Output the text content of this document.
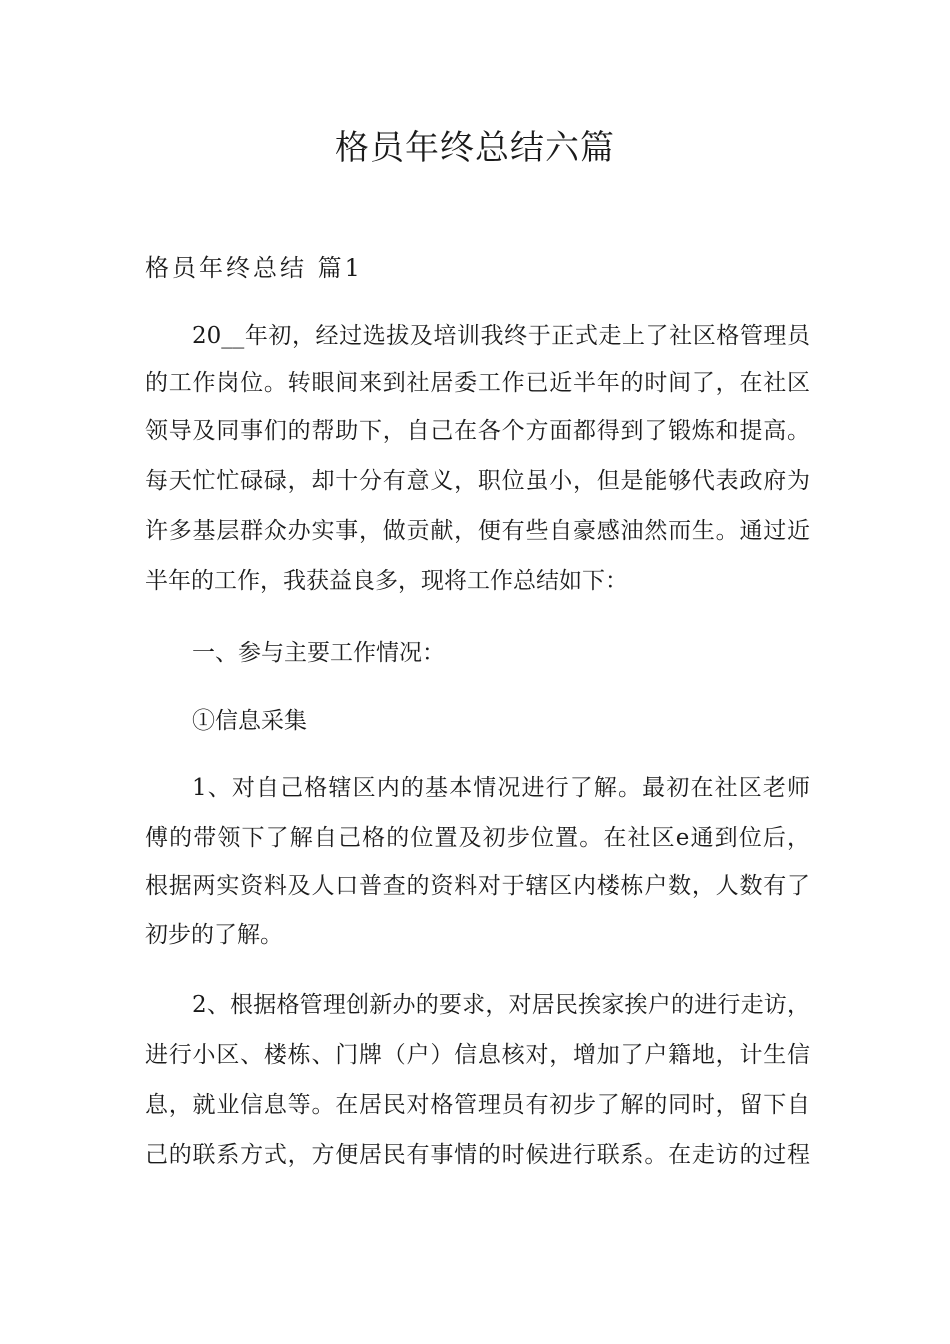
格员年终总结六篇
格员年终总结 篇1

20__年初，经过选拔及培训我终于正式走上了社区格管理员

的工作岗位。转眼间来到社居委工作已近半年的时间了，在社区

领导及同事们的帮助下，自己在各个方面都得到了锻炼和提高。

每天忙忙碌碌，却十分有意义，职位虽小，但是能够代表政府为

许多基层群众办实事，做贡献，便有些自豪感油然而生。通过近

半年的工作，我获益良多，现将工作总结如下：

一、参与主要工作情况：

①信息采集

1、对自己格辖区内的基本情况进行了解。最初在社区老师

傅的带领下了解自己格的位置及初步位置。在社区e通到位后，

根据两实资料及人口普查的资料对于辖区内楼栋户数，人数有了

初步的了解。

2、根据格管理创新办的要求，对居民挨家挨户的进行走访，

进行小区、楼栋、门牌（户）信息核对，增加了户籍地，计生信

息，就业信息等。在居民对格管理员有初步了解的同时，留下自

己的联系方式，方便居民有事情的时候进行联系。在走访的过程
